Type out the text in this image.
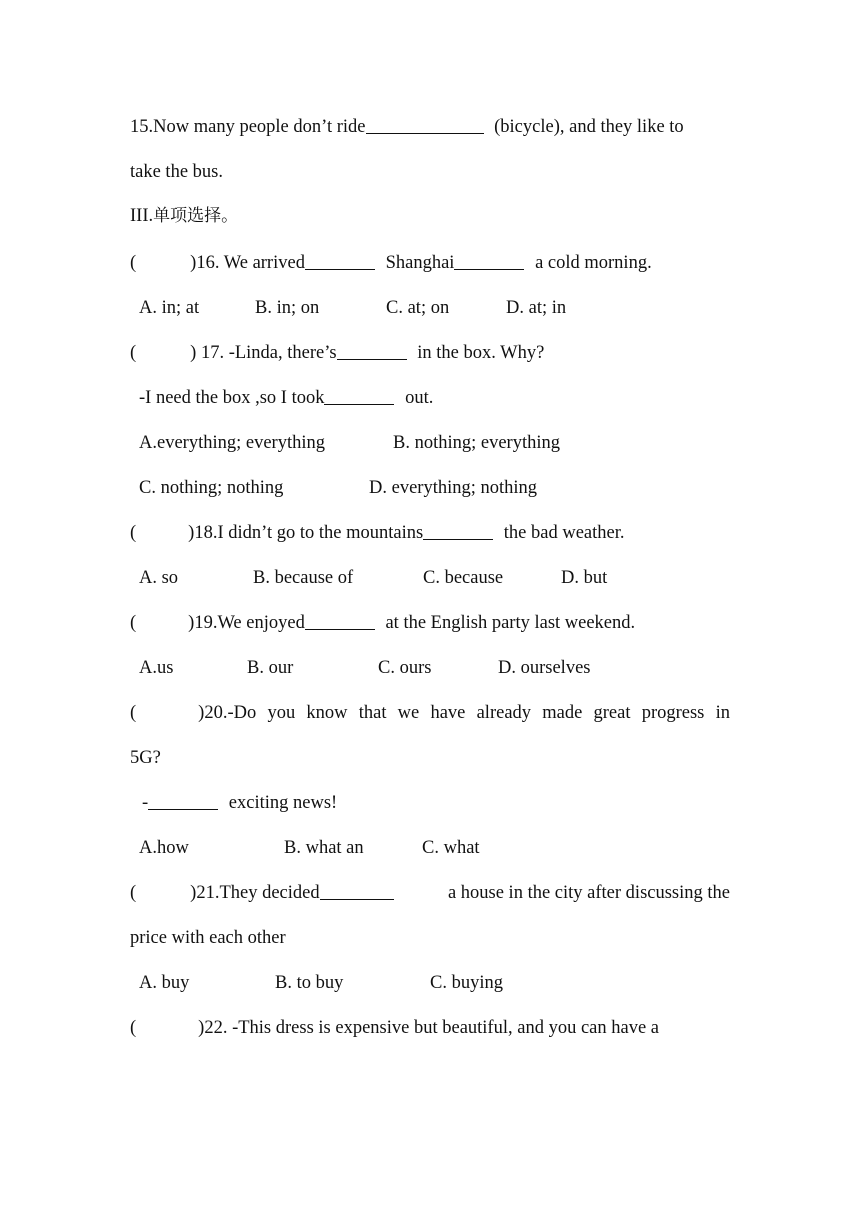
15.Now many people don’t ride	(bicycle), and they like to
take the bus.
III.单项选择。
(	)16. We arrived	Shanghai	a cold morning.
A. in; at	B. in; on	C. at; on	D. at; in
(	) 17. -Linda, there’s	in the box. Why?
-I need the box ,so I took	out.
A.everything; everything	B. nothing; everything
C. nothing; nothing	D. everything; nothing
(	)18.I didn’t go to the mountains	the bad weather.
A. so	B. because of	C. because	D. but
(	)19.We enjoyed	at the English party last weekend.
A.us	B. our	C. ours	D. ourselves
(	)20.-Do you know that we have already made great progress in
5G?
-	exciting news!
A.how	B. what an	C. what
(	)21.They decided	a house in the city after discussing the
price with each other
A. buy	B. to buy	C. buying
(	)22. -This dress is expensive but beautiful, and you can have a
